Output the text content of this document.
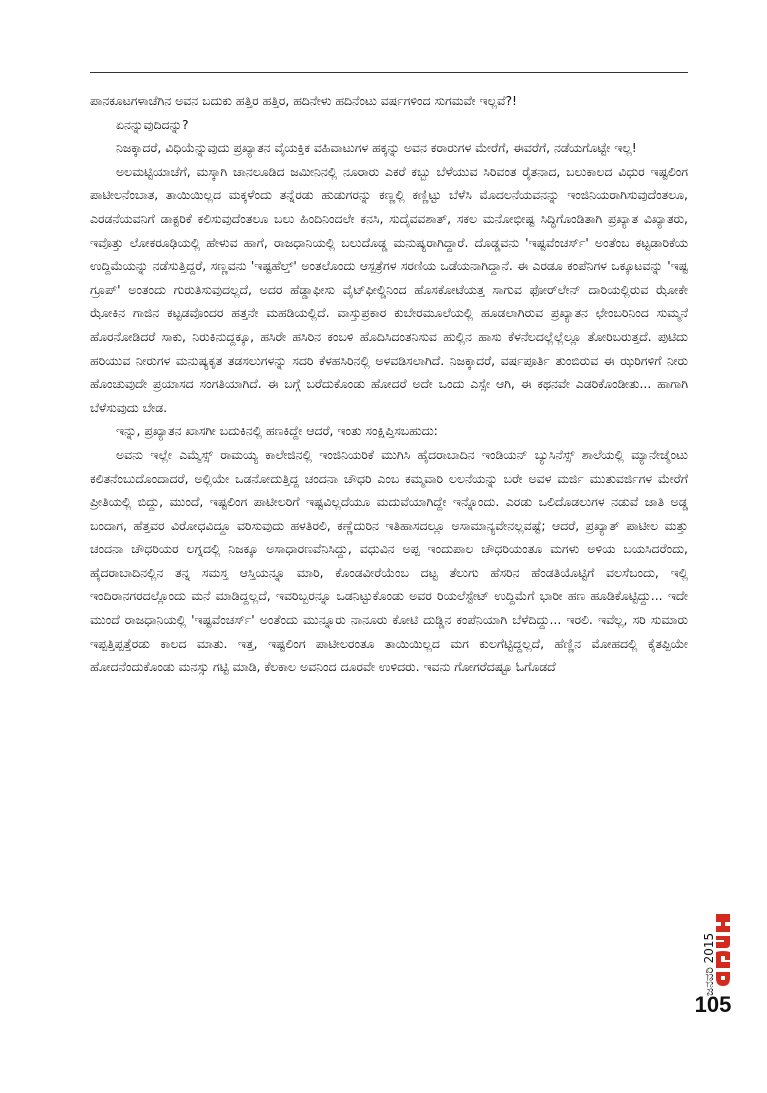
ಪಾನಕೂಟಗಳಾಚೆಗಿನ ಅವನ ಬದುಕು ಹತ್ತಿರ ಹತ್ತಿರ, ಹದಿನೇಳು ಹದಿನೆಂಟು ವರ್ಷಗಳಿಂದ ಸುಗಮವೇ ಇಲ್ಲವೆ?!

ಏನನ್ನುವುದಿದನ್ನು?

ನಿಜಕ್ಕಾದರೆ, ವಿಧಿಯೆನ್ನುವುದು ಪ್ರಖ್ಯಾತನ ವೈಯಕ್ತಿಕ ವಹಿವಾಟುಗಳ ಹಕ್ಕನ್ನು ಅವನ ಕರಾರುಗಳ ಮೇರೆಗೆ, ಈವರೆಗೆ, ನಡೆಯಗೊಟ್ಟೇ ಇಲ್ಲ!

ಅಲಮಟ್ಟಿಯಾಚೆಗೆ, ಮಸ್ಕಾಗಿ ಚಾನಲೂಡಿದ ಜಮೀನಿನಲ್ಲಿ ನೂರಾರು ಎಕರೆ ಕಬ್ಬು ಬೆಳೆಯುವ ಸಿರಿವಂತ ರೈತನಾದ, ಬಲುಕಾಲದ ವಿಧುರ ಇಷ್ಟಲಿಂಗ ಪಾಟೀಲನೆಂಬಾತ, ತಾಯಿಯಿಲ್ಲದ ಮಕ್ಕಳೆಂದು ತನ್ನೆರಡು ಹುಡುಗರನ್ನು ಕಣ್ಣಲ್ಲಿ ಕಣ್ಣಿಟ್ಟು ಬೆಳೆಸಿ ಮೊದಲನೆಯವನನ್ನು ಇಂಜಿನಿಯರಾಗಿಸುವುದೆಂತಲೂ, ಎರಡನೆಯವನಿಗೆ ಡಾಕ್ಟರಿಕೆ ಕಲಿಸುವುದೆಂತಲೂ ಬಲು ಹಿಂದಿನಿಂದಲೇ ಕನಸಿ, ಸುದೈವವಶಾತ್, ಸಕಲ ಮನೋಭೀಷ್ಟ ಸಿದ್ಧಿಗೊಂಡಿತಾಗಿ ಪ್ರಖ್ಯಾತ ವಿಖ್ಯಾತರು, ಇವೊತ್ತು ಲೋಕರೂಢಿಯಲ್ಲಿ ಹೇಳುವ ಹಾಗೆ, ರಾಜಧಾನಿಯಲ್ಲಿ ಬಲುದೊಡ್ಡ ಮನುಷ್ಯರಾಗಿದ್ದಾರೆ. ದೊಡ್ಡವನು 'ಇಷ್ಟವೆಂಚರ್ಸ್' ಅಂತೆಂಬ ಕಟ್ಟಡಾರಿಕೆಯ ಉದ್ದಿಮೆಯನ್ನು ನಡೆಸುತ್ತಿದ್ದರೆ, ಸಣ್ಣವನು 'ಇಷ್ಟಹೆಲ್ತ್' ಅಂತಲೊಂದು ಆಸ್ಪತ್ರೆಗಳ ಸರಣಿಯ ಒಡೆಯನಾಗಿದ್ದಾನೆ. ಈ ಎರಡೂ ಕಂಪೆನಿಗಳ ಒಕ್ಕೂಟವನ್ನು 'ಇಷ್ಟ ಗ್ರೂಪ್' ಅಂತಂದು ಗುರುತಿಸುವುದಲ್ಲದೆ, ಅದರ ಹೆಡ್ಡಾಫೀಸು ವೈಟ್‌ಫೀಲ್ಡಿನಿಂದ ಹೊಸಕೋಟೆಯತ್ತ ಸಾಗುವ ಫೋರ್‌ಲೇನ್ ದಾರಿಯಲ್ಲಿರುವ ಝೋಕೇ ಝೋಕಿನ ಗಾಜಿನ ಕಟ್ಟಡವೊಂದರ ಹತ್ತನೇ ಮಹಡಿಯಲ್ಲಿದೆ. ವಾಸ್ತುಪ್ರಕಾರ ಕುಬೇರಮೂಲೆಯಲ್ಲಿ ಹೂಡಲಾಗಿರುವ ಪ್ರಖ್ಯಾತನ ಛೇಂಬರಿನಿಂದ ಸುಮ್ಮನೆ ಹೊರನೋಡಿದರೆ ಸಾಕು, ನಿರುಕಿನುದ್ದಕ್ಕೂ, ಹಸಿರೇ ಹಸಿರಿನ ಕಂಬಳಿ ಹೊದಿಸಿದಂತನಿಸುವ ಹುಲ್ಲಿನ ಹಾಸು ಕೆಳನೆಲದಲ್ಲೆಲ್ಲೆಲ್ಲೂ ತೋರಿಬರುತ್ತದೆ. ಪುಟಿದು ಹರಿಯುವ ನೀರುಗಳ ಮನುಷ್ಯಕೃತ ತಡಸಲುಗಳನ್ನು ಸದರಿ ಕೆಳಹಸಿರಿನಲ್ಲಿ ಅಳವಡಿಸಲಾಗಿದೆ. ನಿಜಕ್ಕಾದರೆ, ವರ್ಷಪೂರ್ತಿ ತುಂಬಿರುವ ಈ ಝರಿಗಳಿಗೆ ನೀರು ಹೊಂಚುವುದೇ ಪ್ರಯಾಸದ ಸಂಗತಿಯಾಗಿದೆ. ಈ ಬಗ್ಗೆ ಬರೆದುಕೊಂಡು ಹೋದರೆ ಅದೇ ಒಂದು ಎಸ್ಸೇ ಆಗಿ, ಈ ಕಥನವೇ ಎಡರಿಕೊಂಡೀತು... ಹಾಗಾಗಿ ಬೆಳೆಸುವುದು ಬೇಡ.

ಇನ್ನು, ಪ್ರಖ್ಯಾತನ ಖಾಸಗೀ ಬದುಕಿನಲ್ಲಿ ಹಣಕಿದ್ದೇ ಆದರೆ, ಇಂತು ಸಂಕ್ಷಿಪ್ತಿಸಬಹುದು:

ಅವನು ಇಲ್ಲೇ ಎಮ್ಮೆಸ್ಸ್ ರಾಮಯ್ಯ ಕಾಲೇಜಿನಲ್ಲಿ ಇಂಜಿನಿಯರಿಕೆ ಮುಗಿಸಿ ಹೈದರಾಬಾದಿನ ಇಂಡಿಯನ್ ಬ್ಯುಸಿನೆಸ್ಸ್ ಶಾಲೆಯಲ್ಲಿ ಮ್ಯಾನೇಜ್ಮೆಂಟು ಕಲಿತನೆಂಬುದೊಂದಾದರೆ, ಅಲ್ಲಿಯೇ ಒಡನೋದುತ್ತಿದ್ದ ಚಂದನಾ ಚೌಧರಿ ಎಂಬ ಕಮ್ಮವಾರಿ ಲಲನೆಯನ್ನು ಬರೇ ಅವಳ ಮರ್ಜಿ ಮುತುವರ್ಜಿಗಳ ಮೇರೆಗೆ ಪ್ರೀತಿಯಲ್ಲಿ ಬಿದ್ದು, ಮುಂದೆ, ಇಷ್ಟಲಿಂಗ ಪಾಟೀಲರಿಗೆ ಇಷ್ಟವಿಲ್ಲದೆಯೂ ಮದುವೆಯಾಗಿದ್ದೇ ಇನ್ನೊಂದು. ಎರಡು ಒಲಿದೊಡಲುಗಳ ನಡುವೆ ಜಾತಿ ಅಡ್ಡ ಬಂದಾಗ, ಹೆತ್ತವರ ವಿರೋಧವಿದ್ದೂ ವರಿಸುವುದು ಹಳತಿರಲಿ, ಕಣ್ಣೆದುರಿನ ಇತಿಹಾಸದಲ್ಲೂ ಅಸಾಮಾನ್ಯವೇನಲ್ಲವಷ್ಟೆ; ಆದರೆ, ಪ್ರಖ್ಯಾತ್ ಪಾಟೀಲ ಮತ್ತು ಚಂದನಾ ಚೌಧರಿಯರ ಲಗ್ನದಲ್ಲಿ ನಿಜಕ್ಕೂ ಅಸಾಧಾರಣವೆನಿಸಿದ್ದು, ವಧುವಿನ ಅಪ್ಪ ಇಂದುಪಾಲ ಚೌಧರಿಯಂತೂ ಮಗಳು ಅಳಿಯ ಬಯಸಿದರೆಂದು, ಹೈದರಾಬಾದಿನಲ್ಲಿನ ತನ್ನ ಸಮಸ್ತ ಆಸ್ತಿಯನ್ನೂ ಮಾರಿ, ಕೊಂಡವೀರೆಯೆಂಬ ದಟ್ಟ ತೆಲುಗು ಹೆಸರಿನ ಹೆಂಡತಿಯೊಟ್ಟಿಗೆ ವಲಸೆಬಂದು, ಇಲ್ಲಿ ಇಂದಿರಾನಗರದಲ್ಲೊಂದು ಮನೆ ಮಾಡಿದ್ದಲ್ಲದೆ, ಇವರಿಬ್ಬರನ್ನೂ ಒಡನಿಟ್ಟುಕೊಂಡು ಅವರ ರಿಯಲೆಸ್ಟೇಟ್ ಉದ್ದಿಮೆಗೆ ಭಾರೀ ಹಣ ಹೂಡಿಕೊಟ್ಟಿದ್ದು... ಇದೇ ಮುಂದೆ ರಾಜಧಾನಿಯಲ್ಲಿ 'ಇಷ್ಟವೆಂಚರ್ಸ್' ಅಂತೆಂದು ಮುನ್ನೂರು ನಾನೂರು ಕೋಟಿ ದುಡ್ಡಿನ ಕಂಪೆನಿಯಾಗಿ ಬೆಳೆದಿದ್ದು... ಇರಲಿ. ಇವೆಲ್ಲ, ಸರಿ ಸುಮಾರು ಇಪ್ಪತ್ತಿಪ್ಪತ್ತೆರಡು ಕಾಲದ ಮಾತು. ಇತ್ತ, ಇಷ್ಟಲಿಂಗ ಪಾಟೀಲರಂತೂ ತಾಯಿಯಿಲ್ಲದ ಮಗ ಕುಲಗೆಟ್ಟಿದ್ದಲ್ಲದೆ, ಹೆಣ್ಣಿನ ಮೋಹದಲ್ಲಿ ಕೈತಪ್ಪಿಯೇ ಹೋದನೆಂದುಕೊಂಡು ಮನಸ್ಸು ಗಟ್ಟಿ ಮಾಡಿ, ಕೆಲಕಾಲ ಅವನಿಂದ ದೂರವೇ ಉಳಿದರು. ಇವನು ಗೋಗರೆದಷ್ಟೂ ಓಗೊಡದೆ

ಜನವರಿ 2015
105
